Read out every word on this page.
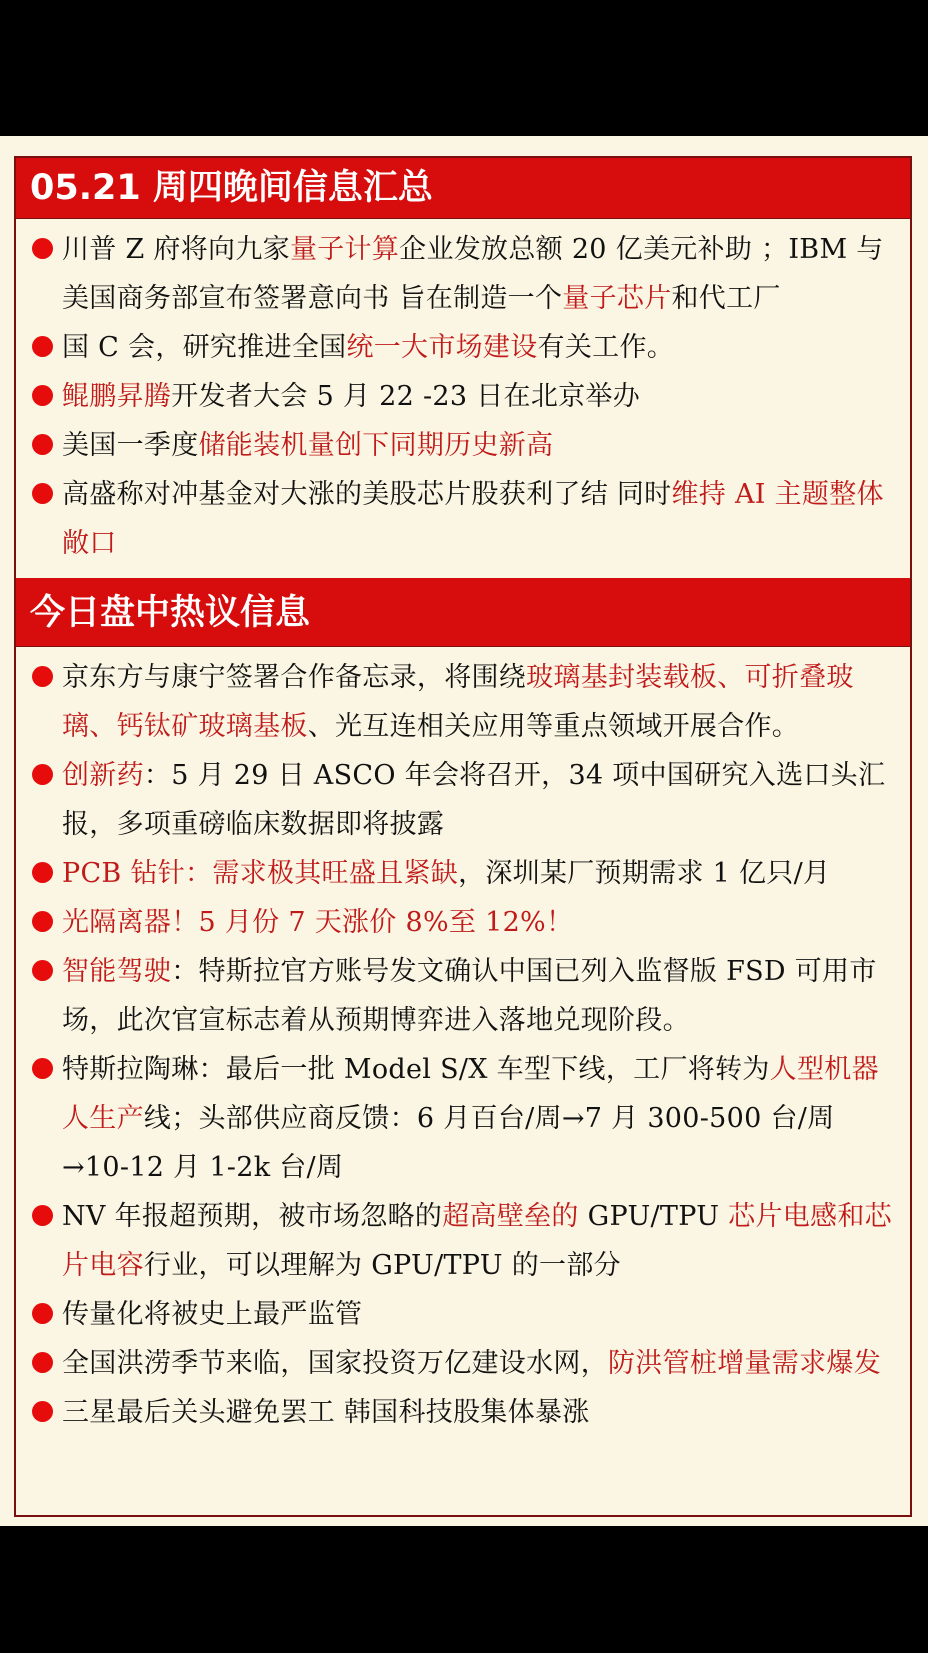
05.21 周四晚间信息汇总
川普 Z 府将向九家量子计算企业发放总额 20 亿美元补助 ；IBM 与美国商务部宣布签署意向书 旨在制造一个量子芯片和代工厂
国 C 会，研究推进全国统一大市场建设有关工作。
鲲鹏昇腾开发者大会 5 月 22 -23 日在北京举办
美国一季度储能装机量创下同期历史新高
高盛称对冲基金对大涨的美股芯片股获利了结 同时维持 AI 主题整体敞口
今日盘中热议信息
京东方与康宁签署合作备忘录，将围绕玻璃基封装载板、可折叠玻璃、钙钛矿玻璃基板、光互连相关应用等重点领域开展合作。
创新药：5 月 29 日 ASCO 年会将召开，34 项中国研究入选口头汇报，多项重磅临床数据即将披露
PCB 钻针：需求极其旺盛且紧缺，深圳某厂预期需求 1 亿只/月
光隔离器！5 月份 7 天涨价 8%至 12%！
智能驾驶：特斯拉官方账号发文确认中国已列入监督版 FSD 可用市场，此次官宣标志着从预期博弈进入落地兑现阶段。
特斯拉陶琳：最后一批 Model S/X 车型下线，工厂将转为人型机器人生产线；头部供应商反馈：6 月百台/周→7 月 300-500 台/周→10-12 月 1-2k 台/周
NV 年报超预期，被市场忽略的超高壁垒的 GPU/TPU 芯片电感和芯片电容行业，可以理解为 GPU/TPU 的一部分
传量化将被史上最严监管
全国洪涝季节来临，国家投资万亿建设水网，防洪管桩增量需求爆发
三星最后关头避免罢工 韩国科技股集体暴涨
